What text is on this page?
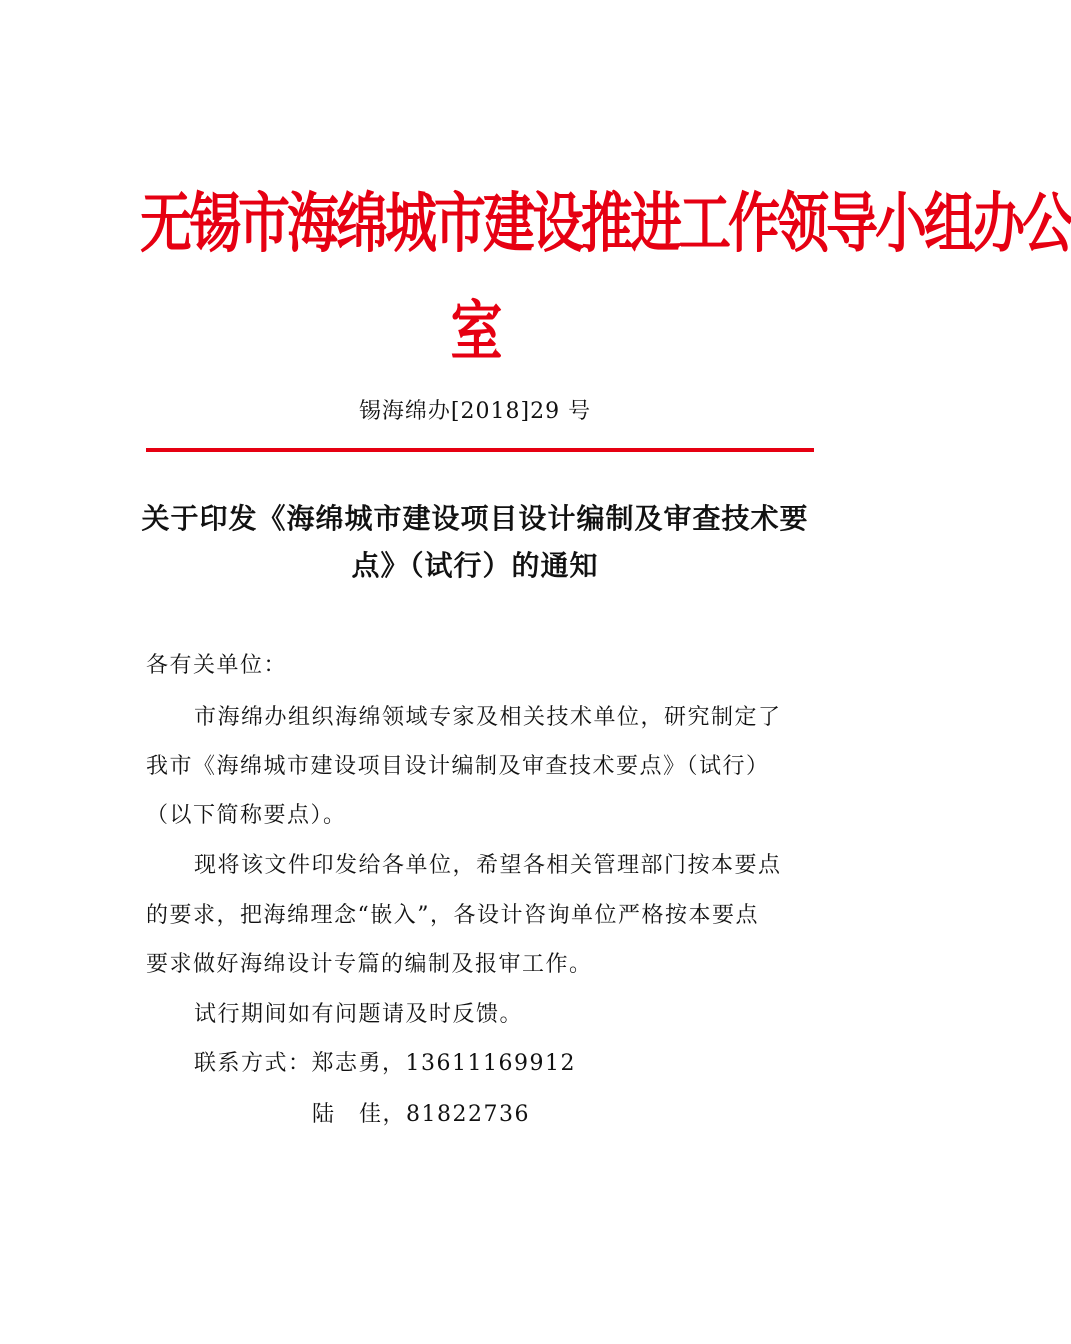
无锡市海绵城市建设推进工作领导小组办公
室
锡海绵办[2018]29 号
关于印发《海绵城市建设项目设计编制及审查技术要
点》（试行）的通知
各有关单位：
市海绵办组织海绵领域专家及相关技术单位，研究制定了
我市《海绵城市建设项目设计编制及审查技术要点》（试行）
（以下简称要点）。
现将该文件印发给各单位，希望各相关管理部门按本要点
的要求，把海绵理念“嵌入”，各设计咨询单位严格按本要点
要求做好海绵设计专篇的编制及报审工作。
试行期间如有问题请及时反馈。
联系方式：郑志勇，13611169912
陆　佳，81822736
